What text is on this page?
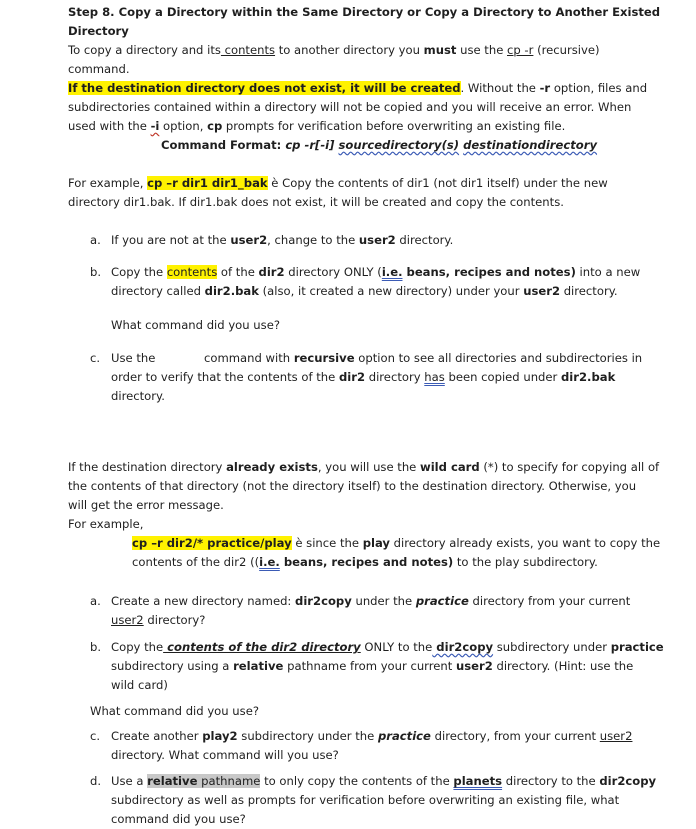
Step 8. Copy a Directory within the Same Directory or Copy a Directory to Another Existed
Directory
To copy a directory and its contents to another directory you must use the cp -r (recursive)
command.
If the destination directory does not exist, it will be created. Without the -r option, files and
subdirectories contained within a directory will not be copied and you will receive an error. When
used with the -i option, cp prompts for verification before overwriting an existing file.
Command Format: cp -r[-i] sourcedirectory(s) destinationdirectory
For example, cp –r dir1 dir1_bak è Copy the contents of dir1 (not dir1 itself) under the new
directory dir1.bak. If dir1.bak does not exist, it will be created and copy the contents.
a. If you are not at the user2, change to the user2 directory.
b. Copy the contents of the dir2 directory ONLY (i.e. beans, recipes and notes) into a new
directory called dir2.bak (also, it created a new directory) under your user2 directory.
What command did you use?
c. Use the	command with recursive option to see all directories and subdirectories in
order to verify that the contents of the dir2 directory has been copied under dir2.bak
directory.
If the destination directory already exists, you will use the wild card (*) to specify for copying all of
the contents of that directory (not the directory itself) to the destination directory. Otherwise, you
will get the error message.
For example,
cp –r dir2/* practice/play è since the play directory already exists, you want to copy the
contents of the dir2 ((i.e. beans, recipes and notes) to the play subdirectory.
a. Create a new directory named: dir2copy under the practice directory from your current
user2 directory?
b. Copy the contents of the dir2 directory ONLY to the dir2copy subdirectory under practice
subdirectory using a relative pathname from your current user2 directory. (Hint: use the
wild card)
What command did you use?
c. Create another play2 subdirectory under the practice directory, from your current user2
directory. What command will you use?
d. Use a relative pathname to only copy the contents of the planets directory to the dir2copy
subdirectory as well as prompts for verification before overwriting an existing file, what
command did you use?
